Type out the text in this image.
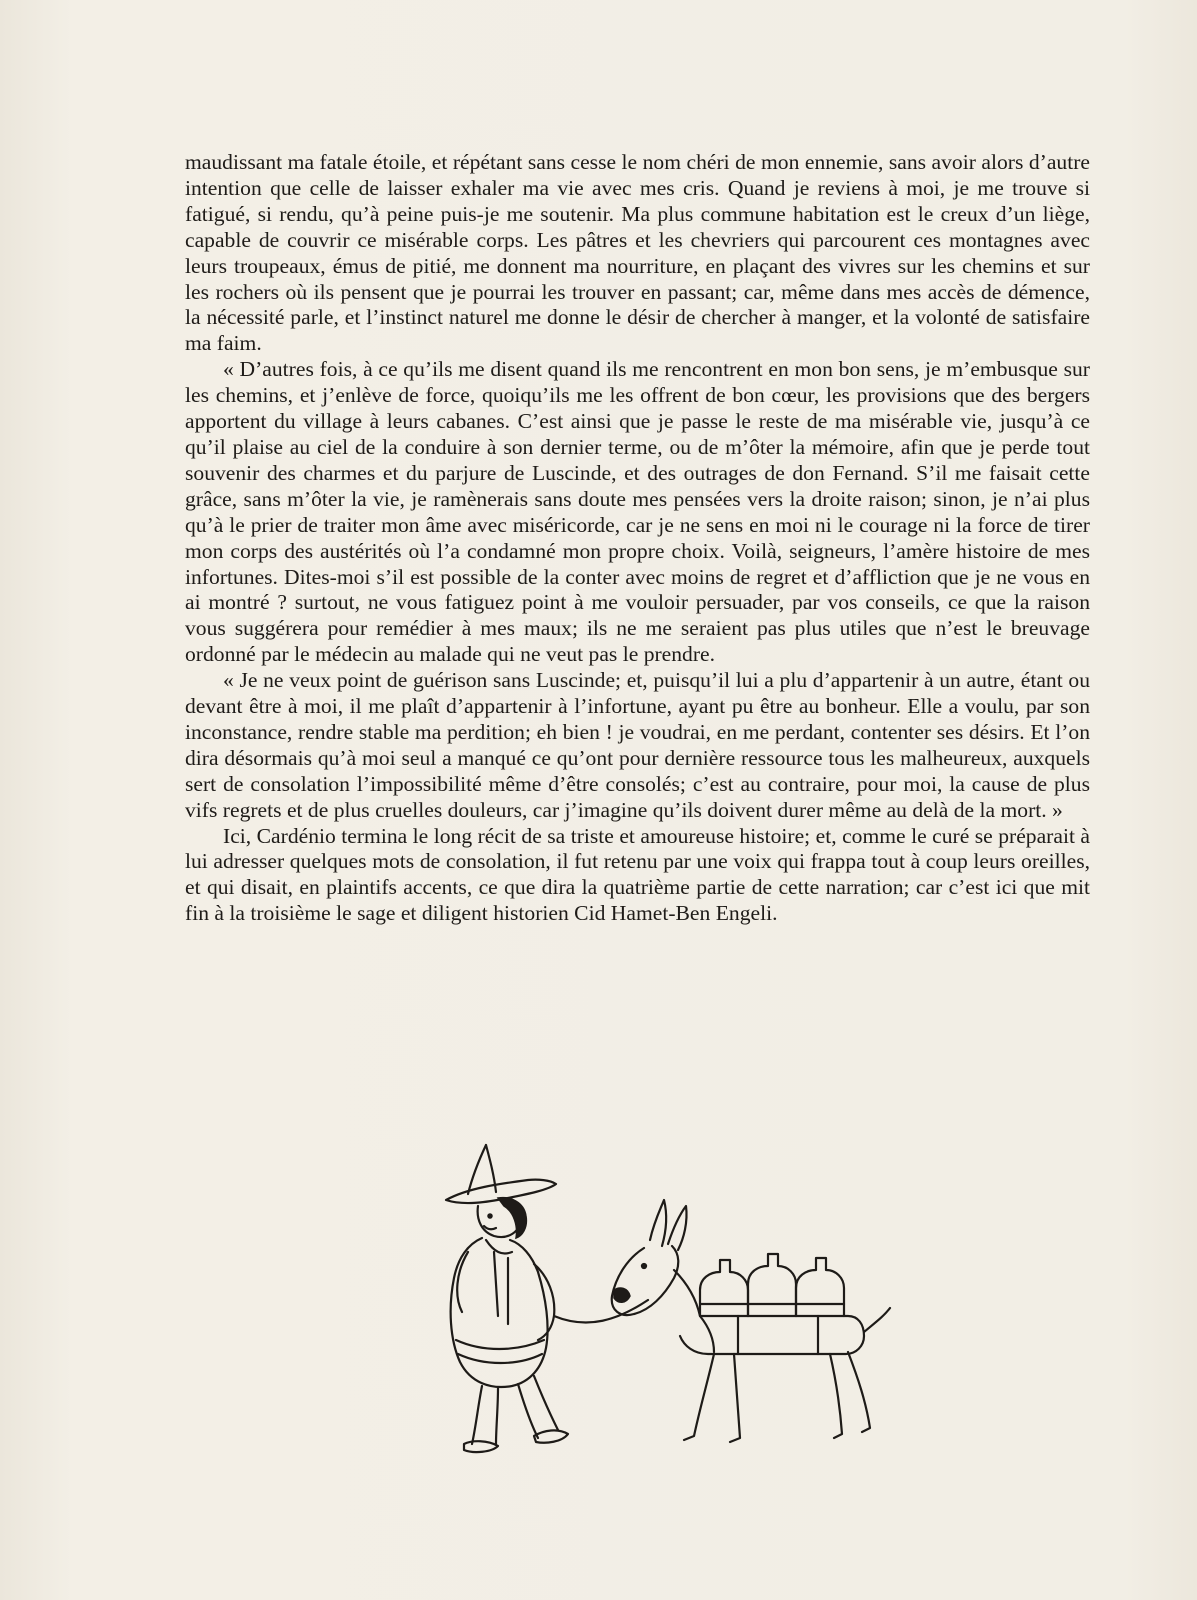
maudissant ma fatale étoile, et répétant sans cesse le nom chéri de mon ennemie, sans avoir alors d’autre intention que celle de laisser exhaler ma vie avec mes cris. Quand je reviens à moi, je me trouve si fatigué, si rendu, qu’à peine puis-je me soutenir. Ma plus commune habitation est le creux d’un liège, capable de couvrir ce misérable corps. Les pâtres et les chevriers qui parcourent ces montagnes avec leurs troupeaux, émus de pitié, me donnent ma nourriture, en plaçant des vivres sur les chemins et sur les rochers où ils pensent que je pourrai les trouver en passant; car, même dans mes accès de démence, la nécessité parle, et l’instinct naturel me donne le désir de chercher à manger, et la volonté de satisfaire ma faim.

« D’autres fois, à ce qu’ils me disent quand ils me rencontrent en mon bon sens, je m’embusque sur les chemins, et j’enlève de force, quoiqu’ils me les offrent de bon cœur, les provisions que des bergers apportent du village à leurs cabanes. C’est ainsi que je passe le reste de ma misérable vie, jusqu’à ce qu’il plaise au ciel de la conduire à son dernier terme, ou de m’ôter la mémoire, afin que je perde tout souvenir des charmes et du parjure de Luscinde, et des outrages de don Fernand. S’il me faisait cette grâce, sans m’ôter la vie, je ramènerais sans doute mes pensées vers la droite raison; sinon, je n’ai plus qu’à le prier de traiter mon âme avec miséricorde, car je ne sens en moi ni le courage ni la force de tirer mon corps des austérités où l’a condamné mon propre choix. Voilà, seigneurs, l’amère histoire de mes infortunes. Dites-moi s’il est possible de la conter avec moins de regret et d’affliction que je ne vous en ai montré ? surtout, ne vous fatiguez point à me vouloir persuader, par vos conseils, ce que la raison vous suggérera pour remédier à mes maux; ils ne me seraient pas plus utiles que n’est le breuvage ordonné par le médecin au malade qui ne veut pas le prendre.

« Je ne veux point de guérison sans Luscinde; et, puisqu’il lui a plu d’appartenir à un autre, étant ou devant être à moi, il me plaît d’appartenir à l’infortune, ayant pu être au bonheur. Elle a voulu, par son inconstance, rendre stable ma perdition; eh bien ! je voudrai, en me perdant, contenter ses désirs. Et l’on dira désormais qu’à moi seul a manqué ce qu’ont pour dernière ressource tous les malheureux, auxquels sert de consolation l’impossibilité même d’être consolés; c’est au contraire, pour moi, la cause de plus vifs regrets et de plus cruelles douleurs, car j’imagine qu’ils doivent durer même au delà de la mort. »

Ici, Cardénio termina le long récit de sa triste et amoureuse histoire; et, comme le curé se préparait à lui adresser quelques mots de consolation, il fut retenu par une voix qui frappa tout à coup leurs oreilles, et qui disait, en plaintifs accents, ce que dira la quatrième partie de cette narration; car c’est ici que mit fin à la troisième le sage et diligent historien Cid Hamet-Ben Engeli.
